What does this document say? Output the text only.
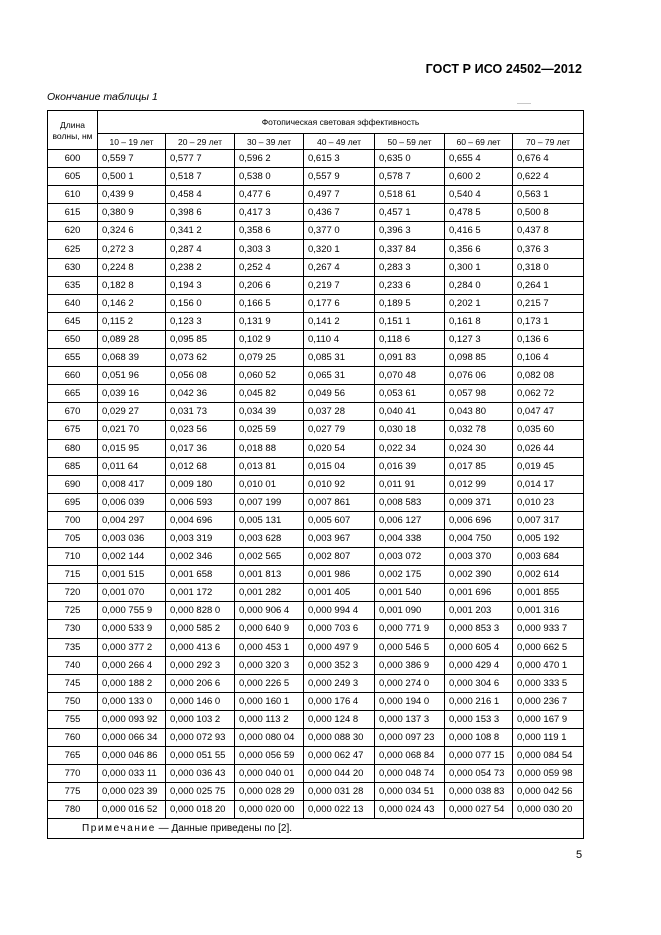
ГОСТ Р ИСО 24502—2012
Окончание таблицы 1
Длина волны, нм	Фотопическая световая эффективность						
	10 – 19 лет	20 – 29 лет	30 – 39 лет	40 – 49 лет	50 – 59 лет	60 – 69 лет	70 – 79 лет
600	0,559 7	0,577 7	0,596 2	0,615 3	0,635 0	0,655 4	0,676 4
605	0,500 1	0,518 7	0,538 0	0,557 9	0,578 7	0,600 2	0,622 4
610	0,439 9	0,458 4	0,477 6	0,497 7	0,518 61	0,540 4	0,563 1
615	0,380 9	0,398 6	0,417 3	0,436 7	0,457 1	0,478 5	0,500 8
620	0,324 6	0,341 2	0,358 6	0,377 0	0,396 3	0,416 5	0,437 8
625	0,272 3	0,287 4	0,303 3	0,320 1	0,337 84	0,356 6	0,376 3
630	0,224 8	0,238 2	0,252 4	0,267 4	0,283 3	0,300 1	0,318 0
635	0,182 8	0,194 3	0,206 6	0,219 7	0,233 6	0,284 0	0,264 1
640	0,146 2	0,156 0	0,166 5	0,177 6	0,189 5	0,202 1	0,215 7
645	0,115 2	0,123 3	0,131 9	0,141 2	0,151 1	0,161 8	0,173 1
650	0,089 28	0,095 85	0,102 9	0,110 4	0,118 6	0,127 3	0,136 6
655	0,068 39	0,073 62	0,079 25	0,085 31	0,091 83	0,098 85	0,106 4
660	0,051 96	0,056 08	0,060 52	0,065 31	0,070 48	0,076 06	0,082 08
665	0,039 16	0,042 36	0,045 82	0,049 56	0,053 61	0,057 98	0,062 72
670	0,029 27	0,031 73	0,034 39	0,037 28	0,040 41	0,043 80	0,047 47
675	0,021 70	0,023 56	0,025 59	0,027 79	0,030 18	0,032 78	0,035 60
680	0,015 95	0,017 36	0,018 88	0,020 54	0,022 34	0,024 30	0,026 44
685	0,011 64	0,012 68	0,013 81	0,015 04	0,016 39	0,017 85	0,019 45
690	0,008 417	0,009 180	0,010 01	0,010 92	0,011 91	0,012 99	0,014 17
695	0,006 039	0,006 593	0,007 199	0,007 861	0,008 583	0,009 371	0,010 23
700	0,004 297	0,004 696	0,005 131	0,005 607	0,006 127	0,006 696	0,007 317
705	0,003 036	0,003 319	0,003 628	0,003 967	0,004 338	0,004 750	0,005 192
710	0,002 144	0,002 346	0,002 565	0,002 807	0,003 072	0,003 370	0,003 684
715	0,001 515	0,001 658	0,001 813	0,001 986	0,002 175	0,002 390	0,002 614
720	0,001 070	0,001 172	0,001 282	0,001 405	0,001 540	0,001 696	0,001 855
725	0,000 755 9	0,000 828 0	0,000 906 4	0,000 994 4	0,001 090	0,001 203	0,001 316
730	0,000 533 9	0,000 585 2	0,000 640 9	0,000 703 6	0,000 771 9	0,000 853 3	0,000 933 7
735	0,000 377 2	0,000 413 6	0,000 453 1	0,000 497 9	0,000 546 5	0,000 605 4	0,000 662 5
740	0,000 266 4	0,000 292 3	0,000 320 3	0,000 352 3	0,000 386 9	0,000 429 4	0,000 470 1
745	0,000 188 2	0,000 206 6	0,000 226 5	0,000 249 3	0,000 274 0	0,000 304 6	0,000 333 5
750	0,000 133 0	0,000 146 0	0,000 160 1	0,000 176 4	0,000 194 0	0,000 216 1	0,000 236 7
755	0,000 093 92	0,000 103 2	0,000 113 2	0,000 124 8	0,000 137 3	0,000 153 3	0,000 167 9
760	0,000 066 34	0,000 072 93	0,000 080 04	0,000 088 30	0,000 097 23	0,000 108 8	0,000 119 1
765	0,000 046 86	0,000 051 55	0,000 056 59	0,000 062 47	0,000 068 84	0,000 077 15	0,000 084 54
770	0,000 033 11	0,000 036 43	0,000 040 01	0,000 044 20	0,000 048 74	0,000 054 73	0,000 059 98
775	0,000 023 39	0,000 025 75	0,000 028 29	0,000 031 28	0,000 034 51	0,000 038 83	0,000 042 56
780	0,000 016 52	0,000 018 20	0,000 020 00	0,000 022 13	0,000 024 43	0,000 027 54	0,000 030 20
Примечание — Данные приведены по [2].							
5
